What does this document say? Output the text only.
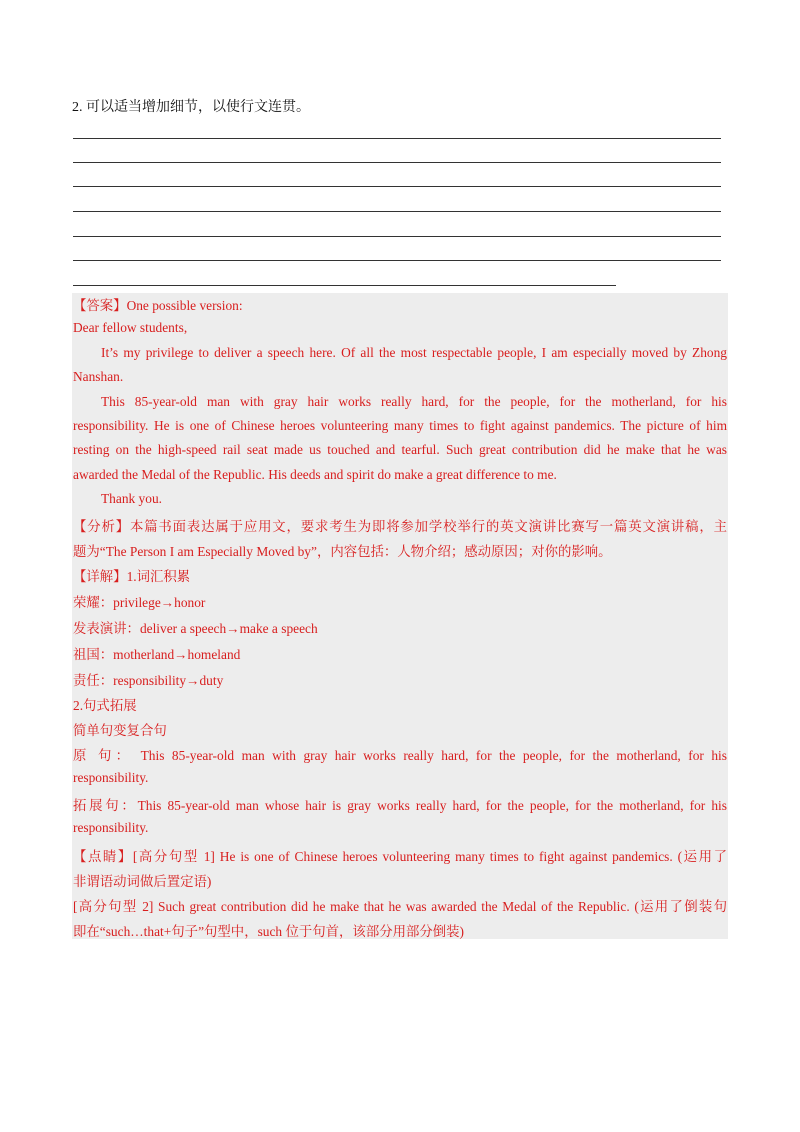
2. 可以适当增加细节，以使行文连贯。
【答案】One possible version:
Dear fellow students,
It’s my privilege to deliver a speech here. Of all the most respectable people, I am especially moved by Zhong
Nanshan.
This 85-year-old man with gray hair works really hard, for the people, for the motherland, for his
responsibility. He is one of Chinese heroes volunteering many times to fight against pandemics. The picture of him
resting on the high-speed rail seat made us touched and tearful. Such great contribution did he make that he was
awarded the Medal of the Republic. His deeds and spirit do make a great difference to me.
Thank you.
【分析】本篇书面表达属于应用文，要求考生为即将参加学校举行的英文演讲比赛写一篇英文演讲稿，主
题为“The Person I am Especially Moved by”，内容包括：人物介绍；感动原因；对你的影响。
【详解】1.词汇积累
荣耀：privilege→honor
发表演讲：deliver a speech→make a speech
祖国：motherland→homeland
责任：responsibility→duty
2.句式拓展
简单句变复合句
原 句： This 85-year-old man with gray hair works really hard, for the people, for the motherland, for his
responsibility.
拓展句：This 85-year-old man whose hair is gray works really hard, for the people, for the motherland, for his
responsibility.
【点睛】[高分句型 1] He is one of Chinese heroes volunteering many times to fight against pandemics. (运用了
非谓语动词做后置定语)
[高分句型 2] Such great contribution did he make that he was awarded the Medal of the Republic. (运用了倒装句
即在“such…that+句子”句型中，such 位于句首，该部分用部分倒装)
